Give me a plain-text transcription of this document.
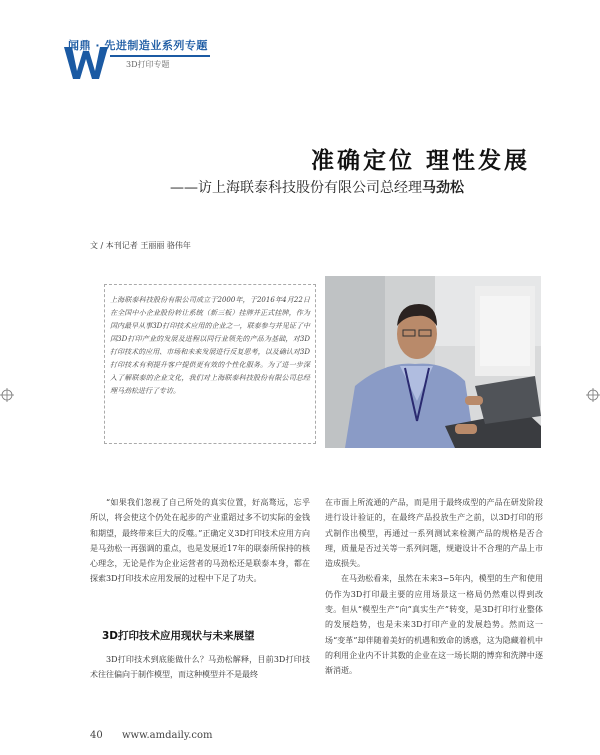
闻鼎 · 先进制造业系列专题
3D打印专题
准确定位 理性发展
——访上海联泰科技股份有限公司总经理马劲松
文 / 本刊记者 王丽丽 骆伟年
上海联泰科技股份有限公司成立于2000年，于2016年4月22日在全国中小企业股份转让系统（新三板）挂牌并正式挂牌，作为国内最早从事3D打印技术应用的企业之一，联泰参与并见证了中国3D打印产业的发展及进程以同行业领先的产品为基础，对3D打印技术的应用、市场和未来发展进行反复思考，以及确认对3D打印技术有利提升客户提供更有效的个性化服务。为了进一步深入了解联泰的企业文化，我们对上海联泰科技股份有限公司总经理马劲松进行了专访。

“如果我们忽视了自己所处的真实位置，好高骛远，忘乎所以，将会使这个仍处在起步的产业重蹈过多不切实际的金钱和期望，最终带来巨大的反噬。”正确定义3D打印技术应用方向是马劲松一再强调的重点，也是发展近17年的联泰所保持的核心理念，无论是作为企业运营者的马劲松还是联泰本身，都在探索3D打印技术应用发展的过程中下足了功夫。

3D打印技术应用现状与未来展望

3D打印技术到底能做什么？马劲松解释，目前3D打印技术往往偏向于制作模型，而这种模型并不是最终

在市面上所流通的产品，而是用于最终成型的产品在研发阶段进行设计验证的，在最终产品投放生产之前，以3D打印的形式制作出模型，再通过一系列测试来检测产品的规格是否合理，质量是否过关等一系列问题，规避设计不合理的产品上市造成损失。

在马劲松看来，虽然在未来3~5年内，模型的生产和使用仍作为3D打印最主要的应用场景这一格局仍然难以得到改变。但从“模型生产”向“真实生产”转变，是3D打印行业整体的发展趋势，也是未来3D打印产业的发展趋势。然而这一场“变革”却伴随着美好的机遇和致命的诱惑，这为隐藏着机中的利用企业内不计其数的企业在这一场长期的博弈和洗牌中逐渐消逝。

40 www.amdaily.com
